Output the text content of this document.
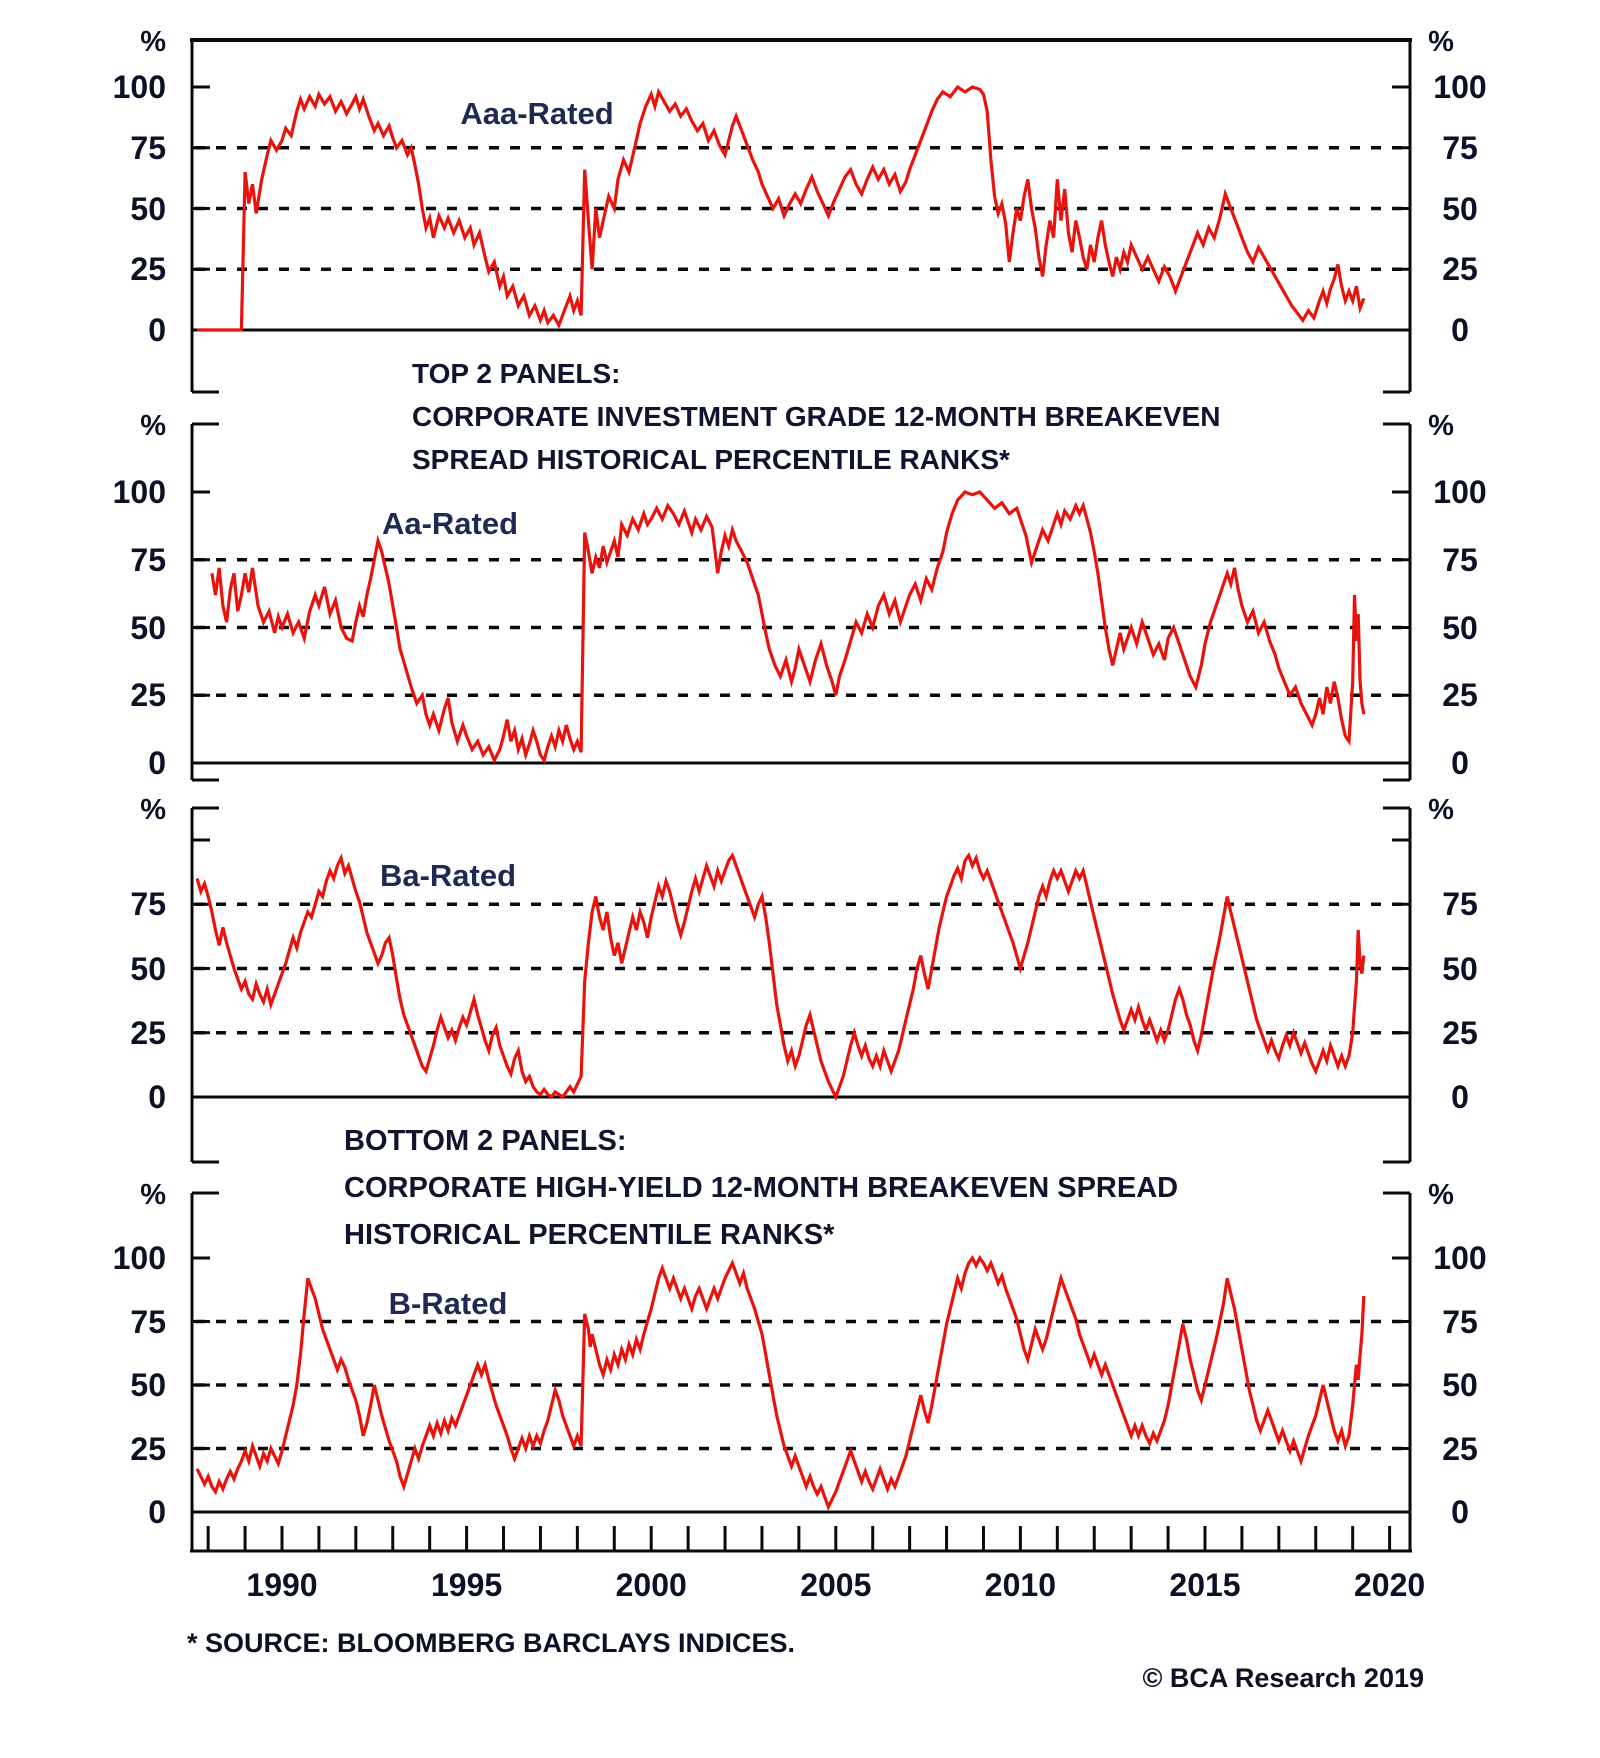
100	100
75	75
50	50
25	25
0	0
%	%
100	100
75	75
50	50
25	25
0	0
%	%
75	75
50	50
25	25
0	0
%	%
100	100
75	75
50	50
25	25
0	0
%	%
1990	1995	2000	2005	2010	2015	2020
TOP 2 PANELS:
CORPORATE INVESTMENT GRADE 12-MONTH BREAKEVEN
SPREAD HISTORICAL PERCENTILE RANKS*
BOTTOM 2 PANELS:
CORPORATE HIGH-YIELD 12-MONTH BREAKEVEN SPREAD
HISTORICAL PERCENTILE RANKS*
Aaa-Rated
Aa-Rated
Ba-Rated
B-Rated
* SOURCE: BLOOMBERG BARCLAYS INDICES.
© BCA Research 2019
